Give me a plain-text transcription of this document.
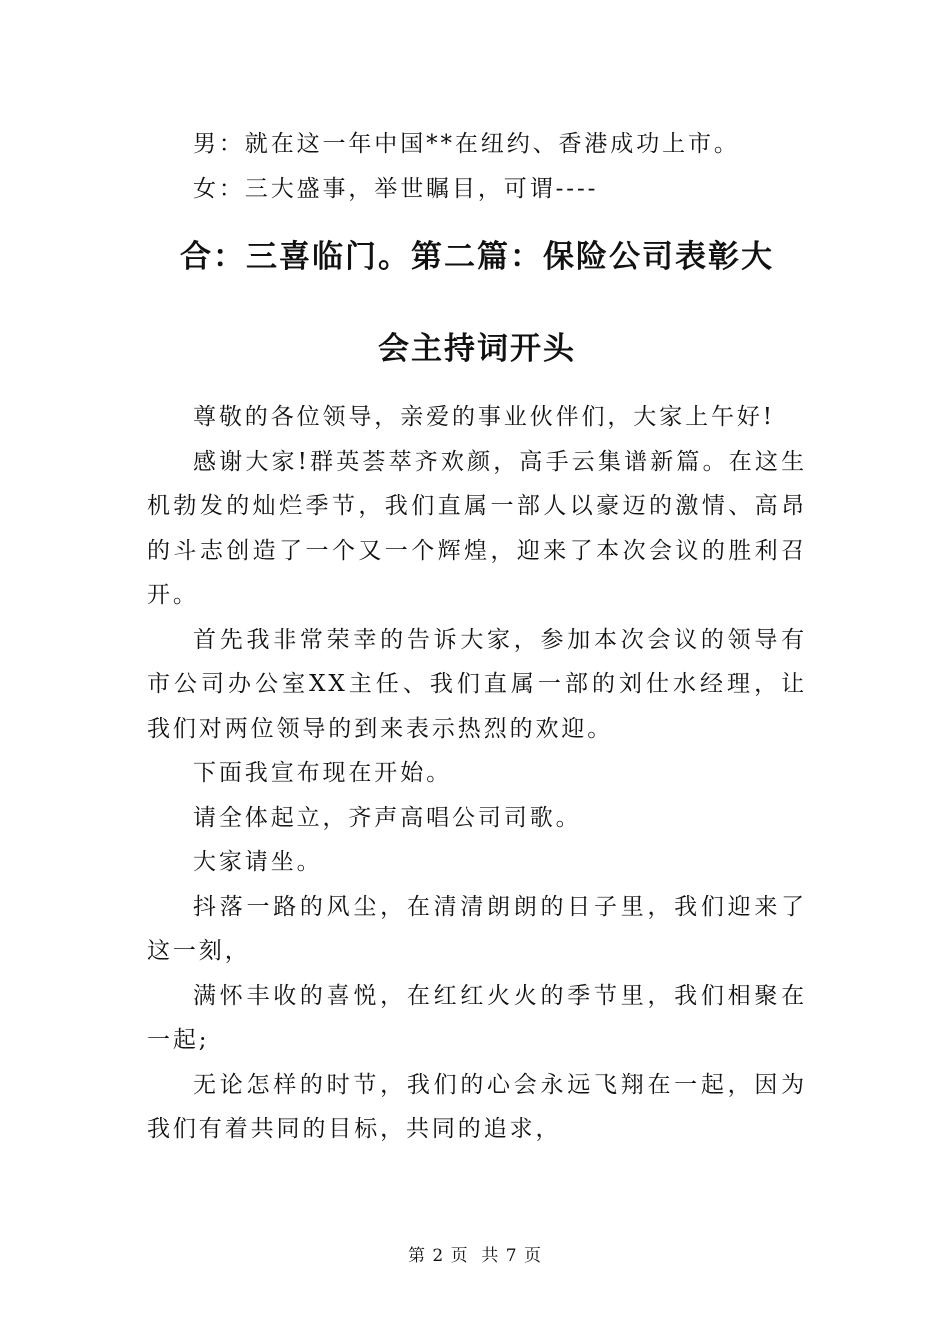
男：就在这一年中国**在纽约、香港成功上市。

女：三大盛事，举世瞩目，可谓----

合：三喜临门。第二篇：保险公司表彰大
会主持词开头

尊敬的各位领导，亲爱的事业伙伴们，大家上午好!

感谢大家!群英荟萃齐欢颜，高手云集谱新篇。在这生机勃发的灿烂季节，我们直属一部人以豪迈的激情、高昂的斗志创造了一个又一个辉煌，迎来了本次会议的胜利召开。

首先我非常荣幸的告诉大家，参加本次会议的领导有市公司办公室XX主任、我们直属一部的刘仕水经理，让我们对两位领导的到来表示热烈的欢迎。

下面我宣布现在开始。

请全体起立，齐声高唱公司司歌。

大家请坐。

抖落一路的风尘，在清清朗朗的日子里，我们迎来了这一刻，

满怀丰收的喜悦，在红红火火的季节里，我们相聚在一起;

无论怎样的时节，我们的心会永远飞翔在一起，因为我们有着共同的目标，共同的追求，

第 2 页  共 7 页
